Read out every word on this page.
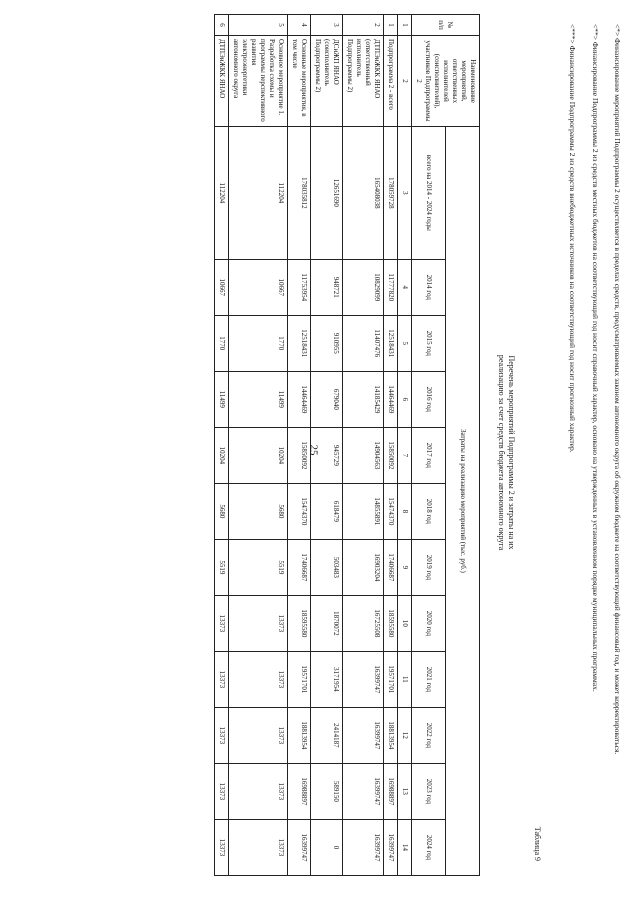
25	<*> Финансирование мероприятий Подпрограммы 2 осуществляется в пределах средств, предусматриваемых законом автономного округа об окружном бюджете на соответствующий финансовый год, и может корректироваться.
<**> Финансирование Подпрограммы 2 из средств местных бюджетов на соответствующий год носит справочный характер, основано на утвержденных в установленном порядке муниципальных программах.
<***> Финансирование Подпрограммы 2 из средств внебюджетных источников на соответствующий год носит прогнозный характер.
Таблица 9
Перечень мероприятий Подпрограммы 2 и затраты на их
реализацию за счет средств бюджета автономного округа
№ п/п	Наименование мероприятий, ответственных исполнителей (соисполнителей), участников Подпрограммы 2	Затраты на реализацию мероприятий (тыс. руб.)											
		всего на 2014 - 2024 годы	2014 год	2015 год	2016 год	2017 год	2018 год	2019 год	2020 год	2021 год	2022 год	2023 год	2024 год
1	2	3	4	5	6	7	8	9	10	11	12	13	14
1	Подпрограмма 2 - всего	178059728	11777820	12518431	14464469	15850092	15474370	17406687	18595580	19571701	18813954	16988897	16399747
2	ДТПЭиЖКК ЯНАО (ответственный исполнитель Подпрограммы 2)	165408038	10829099	11407476	14185429	14904563	14855891	16903204	16725508	16399747	16399747	16399747	16399747
3	ДСиЖП ЯНАО (соисполнитель Подпрограммы 2)	12651690	948721	910955	679040	945729	618479	503483	1870072	3171954	2414187	589150	0
4	Основные мероприятия, в том числе	178035812	11753954	12518431	14464469	15850092	15474370	17406687	18595580	19571701	18813954	16988897	16399747
5	Основное мероприятие 1. Разработка схемы и программы перспективного развития электроэнергетики автономного округа	112204	10667	1770	11499	10204	5680	5519	13373	13373	13373	13373	13373
6	ДТПЭиЖКК ЯНАО	112204	10667	1770	11499	10204	5680	5519	13373	13373	13373	13373	13373
